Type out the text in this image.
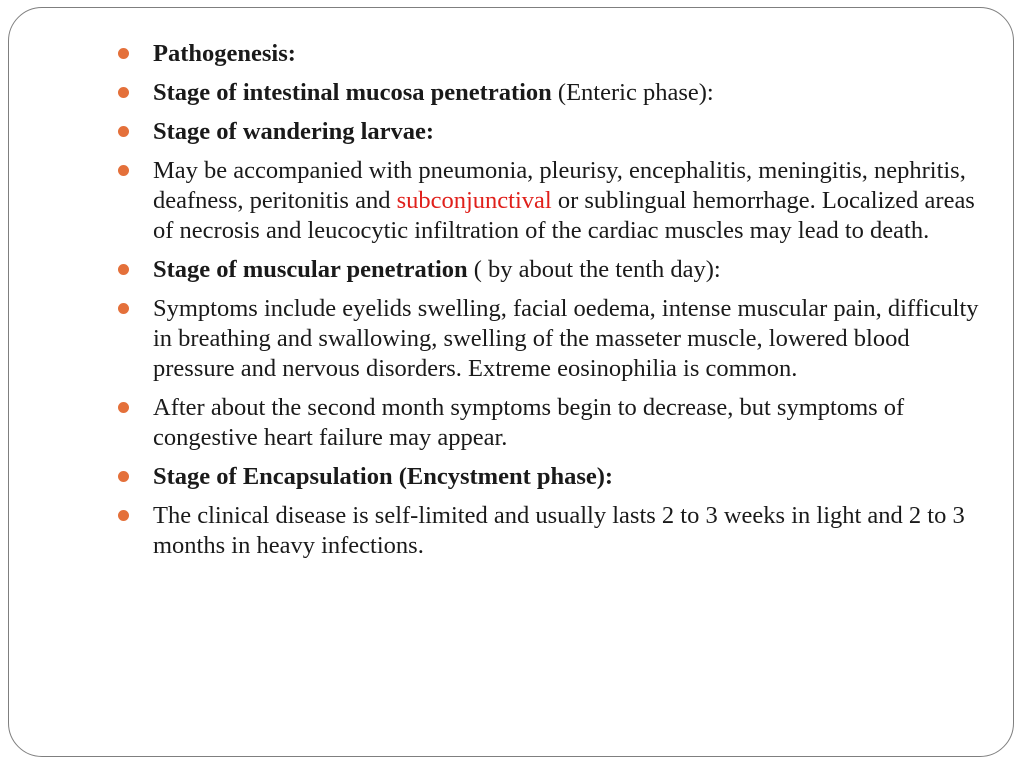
Pathogenesis:
Stage of intestinal mucosa penetration (Enteric phase):
Stage of wandering larvae:
May be accompanied with pneumonia, pleurisy, encephalitis, meningitis, nephritis, deafness, peritonitis and subconjunctival or sublingual hemorrhage. Localized areas of necrosis and leucocytic infiltration of the cardiac muscles may lead to death.
Stage of muscular penetration ( by about the tenth day):
Symptoms include eyelids swelling, facial oedema, intense muscular pain, difficulty in breathing and swallowing, swelling of the masseter muscle, lowered blood pressure and nervous disorders. Extreme eosinophilia is common.
After about the second month symptoms begin to decrease, but symptoms of congestive heart failure may appear.
Stage of Encapsulation (Encystment phase):
The clinical disease is self-limited and usually lasts 2 to 3 weeks in light and 2 to 3 months in heavy infections.
